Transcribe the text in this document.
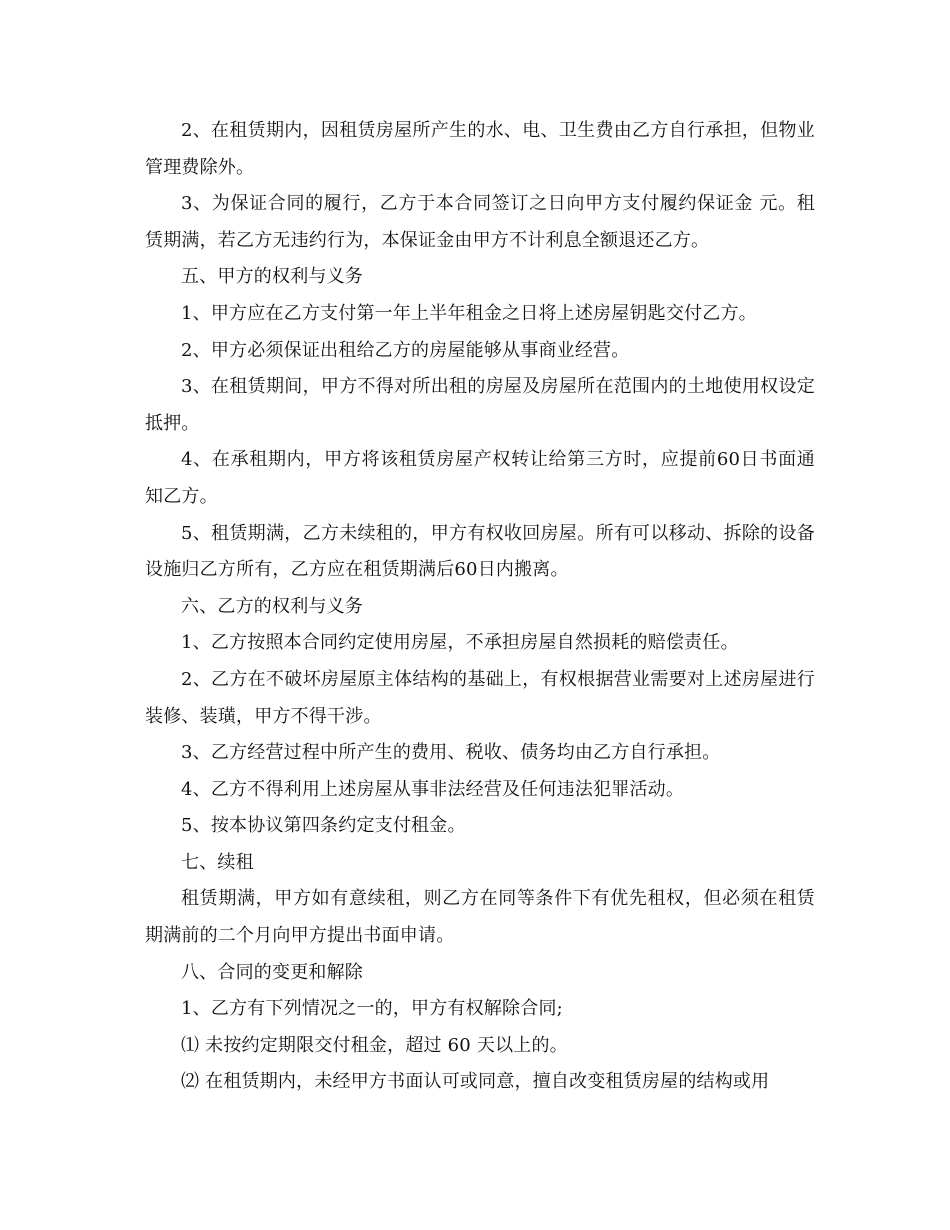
2、在租赁期内，因租赁房屋所产生的水、电、卫生费由乙方自行承担，但物业管理费除外。

3、为保证合同的履行，乙方于本合同签订之日向甲方支付履约保证金 元。租赁期满，若乙方无违约行为，本保证金由甲方不计利息全额退还乙方。

五、甲方的权利与义务

1、甲方应在乙方支付第一年上半年租金之日将上述房屋钥匙交付乙方。

2、甲方必须保证出租给乙方的房屋能够从事商业经营。

3、在租赁期间，甲方不得对所出租的房屋及房屋所在范围内的土地使用权设定抵押。

4、在承租期内，甲方将该租赁房屋产权转让给第三方时，应提前60日书面通知乙方。

5、租赁期满，乙方未续租的，甲方有权收回房屋。所有可以移动、拆除的设备设施归乙方所有，乙方应在租赁期满后60日内搬离。

六、乙方的权利与义务

1、乙方按照本合同约定使用房屋，不承担房屋自然损耗的赔偿责任。

2、乙方在不破坏房屋原主体结构的基础上，有权根据营业需要对上述房屋进行装修、装璜，甲方不得干涉。

3、乙方经营过程中所产生的费用、税收、债务均由乙方自行承担。

4、乙方不得利用上述房屋从事非法经营及任何违法犯罪活动。

5、按本协议第四条约定支付租金。

七、续租

租赁期满，甲方如有意续租，则乙方在同等条件下有优先租权，但必须在租赁期满前的二个月向甲方提出书面申请。

八、合同的变更和解除

1、乙方有下列情况之一的，甲方有权解除合同;

⑴ 未按约定期限交付租金，超过 60 天以上的。

⑵ 在租赁期内，未经甲方书面认可或同意，擅自改变租赁房屋的结构或用
